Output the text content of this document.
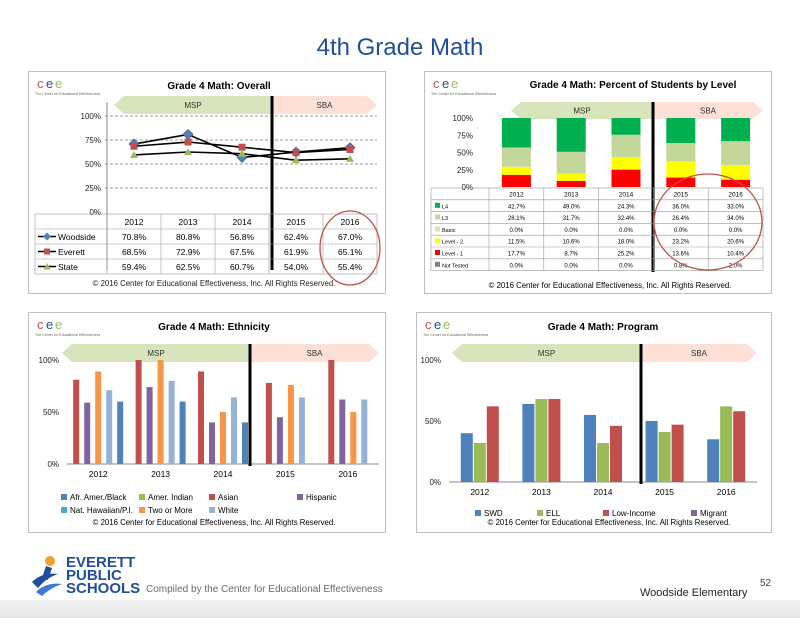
4th Grade Math
c e e
The Center for Educational Effectiveness
Grade 4 Math: Overall
MSP	SBA
0%
25%
50%
75%
100%
2012	2013	2014	2015	2016
Woodside	70.8%	80.8%	56.8%	62.4%	67.0%
Everett	68.5%	72.9%	67.5%	61.9%	65.1%
State	59.4%	62.5%	60.7%	54.0%	55.4%
© 2016 Center for Educational Effectiveness, Inc. All Rights Reserved.
c e e
The Center for Educational Effectiveness
Grade 4 Math: Percent of Students by Level
MSP	SBA
0%
25%
50%
75%
100%
2012	2013	2014	2015	2016
L4	42.7%	49.0%	24.3%	36.0%	33.0%
L3	28.1%	31.7%	32.4%	26.4%	34.0%
Basic	0.0%	0.0%	0.0%	0.0%	0.0%
Level - 2	11.5%	10.6%	18.0%	23.2%	20.6%
Level - 1	17.7%	8.7%	25.2%	13.6%	10.4%
Not Tested	0.0%	0.0%	0.0%	0.8%	2.0%
© 2016 Center for Educational Effectiveness, Inc. All Rights Reserved.
c e e
The Center for Educational Effectiveness
Grade 4 Math: Ethnicity
MSP	SBA
0%
50%
100%
2012	2013	2014	2015	2016
Afr. Amer./Black	Amer. Indian	Asian	Hispanic
Nat. Hawaiian/P.I. Two or More	White
© 2016 Center for Educational Effectiveness, Inc. All Rights Reserved.
c e e
The Center for Educational Effectiveness
Grade 4 Math: Program
MSP	SBA
0%
50%
100%
2012	2013	2014	2015	2016
SWD	ELL	Low-Income	Migrant
© 2016 Center for Educational Effectiveness, Inc. All Rights Reserved.
EVERETT
PUBLIC
SCHOOLS Compiled by the Center for Educational Effectiveness
52
Woodside Elementary
